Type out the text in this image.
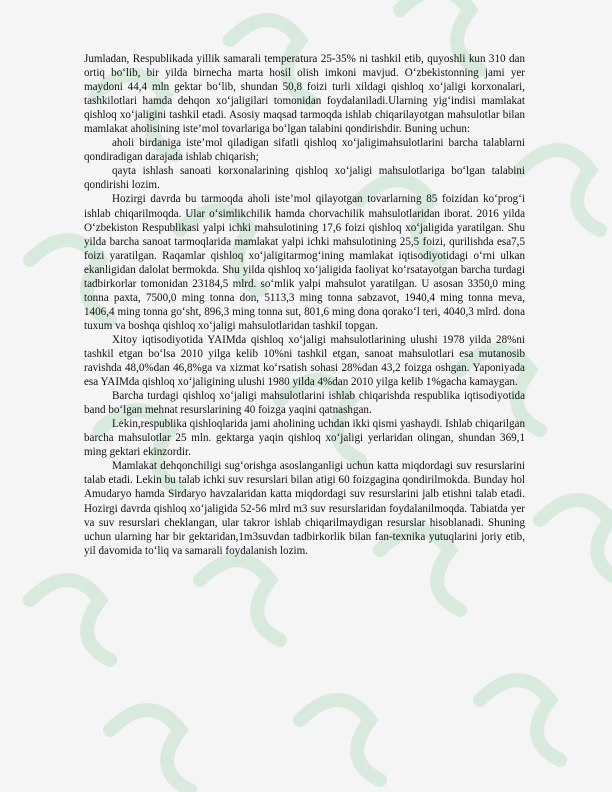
Jumladan, Respublikada yillik samarali temperatura 25-35% ni tashkil etib, quyoshli kun 310 dan ortiq bo‘lib, bir yilda birnecha marta hosil olish imkoni mavjud. O‘zbekistonning jami yer maydoni 44,4 mln gektar bo‘lib, shundan 50,8 foizi turli xildagi qishloq xo‘jaligi korxonalari, tashkilotlari hamda dehqon xo‘jaligilari tomonidan foydalaniladi.Ularning yig‘indisi mamlakat qishloq xo‘jaligini tashkil etadi. Asosiy maqsad tarmoqda ishlab chiqarilayotgan mahsulotlar bilan mamlakat aholisining iste’mol tovarlariga bo‘lgan talabini qondirishdir. Buning uchun:

aholi birdaniga iste’mol qiladigan sifatli qishloq xo‘jaligimahsulotlarini barcha talablarni qondiradigan darajada ishlab chiqarish;

qayta ishlash sanoati korxonalarining qishloq xo‘jaligi mahsulotlariga bo‘lgan talabini qondirishi lozim.

Hozirgi davrda bu tarmoqda aholi iste’mol qilayotgan tovarlarning 85 foizidan ko‘prog‘i ishlab chiqarilmoqda. Ular o‘simlikchilik hamda chorvachilik mahsulotlaridan iborat. 2016 yilda O‘zbekiston Respublikasi yalpi ichki mahsulotining 17,6 foizi qishloq xo‘jaligida yaratilgan. Shu yilda barcha sanoat tarmoqlarida mamlakat yalpi ichki mahsulotining 25,5 foizi, qurilishda esa7,5 foizi yaratilgan. Raqamlar qishloq xo‘jaligitarmog‘ining mamlakat iqtisodiyotidagi o‘rni ulkan ekanligidan dalolat bermokda. Shu yilda qishloq xo‘jaligida faoliyat ko‘rsatayotgan barcha turdagi tadbirkorlar tomonidan 23184,5 mlrd. so‘mlik yalpi mahsulot yaratilgan. U asosan 3350,0 ming tonna paxta, 7500,0 ming tonna don, 5113,3 ming tonna sabzavot, 1940,4 ming tonna meva, 1406,4 ming tonna go‘sht, 896,3 ming tonna sut, 801,6 ming dona qorako‘l teri, 4040,3 mlrd. dona tuxum va boshqa qishloq xo‘jaligi mahsulotlaridan tashkil topgan.

Xitoy iqtisodiyotida YAIMda qishloq xo‘jaligi mahsulotlarining ulushi 1978 yilda 28%ni tashkil etgan bo‘lsa 2010 yilga kelib 10%ni tashkil etgan, sanoat mahsulotlari esa mutanosib ravishda 48,0%dan 46,8%ga va xizmat ko‘rsatish sohasi 28%dan 43,2 foizga oshgan. Yaponiyada esa YAIMda qishloq xo‘jaligining ulushi 1980 yilda 4%dan 2010 yilga kelib 1%gacha kamaygan.

Barcha turdagi qishloq xo‘jaligi mahsulotlarini ishlab chiqarishda respublika iqtisodiyotida band bo‘lgan mehnat resurslarining 40 foizga yaqini qatnashgan.

Lekin,respublika qishloqlarida jami aholining uchdan ikki qismi yashaydi. Ishlab chiqarilgan barcha mahsulotlar 25 mln. gektarga yaqin qishloq xo‘jaligi yerlaridan olingan, shundan 369,1 ming gektari ekinzordir.

Mamlakat dehqonchiligi sug‘orishga asoslanganligi uchun katta miqdordagi suv resurslarini talab etadi. Lekin bu talab ichki suv resurslari bilan atigi 60 foizgagina qondirilmokda. Bunday hol Amudaryo hamda Sirdaryo havzalaridan katta miqdordagi suv resurslarini jalb etishni talab etadi. Hozirgi davrda qishloq xo‘jaligida 52-56 mlrd m3 suv resurslaridan foydalanilmoqda. Tabiatda yer va suv resurslari cheklangan, ular takror ishlab chiqarilmaydigan resurslar hisoblanadi. Shuning uchun ularning har bir gektaridan,1m3suvdan tadbirkorlik bilan fan-texnika yutuqlarini joriy etib, yil davomida to‘liq va samarali foydalanish lozim.
